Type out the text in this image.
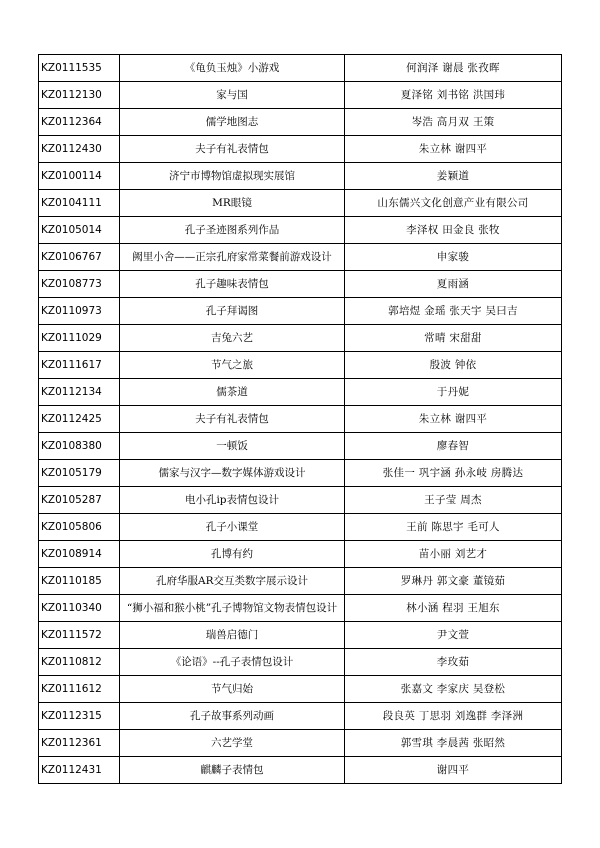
KZ0111535	《龟负玉烛》小游戏	何润泽 谢晨 张孜晖
KZ0112130	家与国	夏泽铭 刘书铭 洪国玮
KZ0112364	儒学地图志	岑浩 高月双 王策
KZ0112430	夫子有礼表情包	朱立林 谢四平
KZ0100114	济宁市博物馆虚拟现实展馆	姜颖道
KZ0104111	MR眼镜	山东儒兴文化创意产业有限公司
KZ0105014	孔子圣迹图系列作品	李泽权 田金良 张牧
KZ0106767	阙里小舍——正宗孔府家常菜餐前游戏设计	申家骏
KZ0108773	孔子趣味表情包	夏雨涵
KZ0110973	孔子拜谒图	郭培煜 金瑶 张天宇 吴曰吉
KZ0111029	吉兔六艺	常晴 宋甜甜
KZ0111617	节气之旅	殷波 钟依
KZ0112134	儒茶道	于丹妮
KZ0112425	夫子有礼表情包	朱立林 谢四平
KZ0108380	一顿饭	廖春智
KZ0105179	儒家与汉字—数字媒体游戏设计	张佳一 巩宇涵 孙永岐 房腾达
KZ0105287	电小孔ip表情包设计	王子莹 周杰
KZ0105806	孔子小课堂	王前 陈思宇 毛可人
KZ0108914	孔博有约	苗小丽 刘艺才
KZ0110185	孔府华服AR交互类数字展示设计	罗琳丹 郭文豪 董镜茹
KZ0110340	“狮小福和猴小桃”孔子博物馆文物表情包设计	林小涵 程羽 王旭东
KZ0111572	瑞兽启德门	尹文萱
KZ0110812	《论语》--孔子表情包设计	李玫茹
KZ0111612	节气归始	张嘉文 李家庆 吴登松
KZ0112315	孔子故事系列动画	段良英 丁思羽 刘逸群 李泽洲
KZ0112361	六艺学堂	郭雪琪 李晨茜 张昭然
KZ0112431	麒麟子表情包	谢四平
